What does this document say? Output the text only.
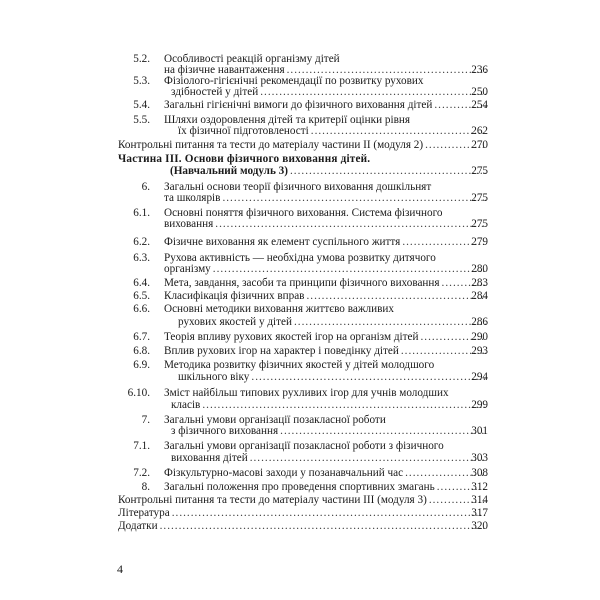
5.2. Особливості реакцій організму дітей
на фізичне навантаження .....	236
5.3. Фізіолого-гігієнічні рекомендації по розвитку рухових
здібностей у дітей .....	250
5.4. Загальні гігієнічні вимоги до фізичного виховання дітей .....	254
5.5. Шляхи оздоровлення дітей та критерії оцінки рівня
їх фізичної підготовленості .....	262
Контрольні питання та тести до матеріалу частини II (модуля 2) .....	270
Частина III. Основи фізичного виховання дітей.
(Навчальний модуль 3) .....	275
6. Загальні основи теорії фізичного виховання дошкільнят
та школярів .....	275
6.1. Основні поняття фізичного виховання. Система фізичного
виховання .....	275
6.2. Фізичне виховання як елемент суспільного життя .....	279
6.3. Рухова активність — необхідна умова розвитку дитячого
організму .....	280
6.4. Мета, завдання, засоби та принципи фізичного виховання .....	283
6.5. Класифікація фізичних вправ .....	284
6.6. Основні методики виховання життєво важливих
рухових якостей у дітей .....	286
6.7. Теорія впливу рухових якостей ігор на організм дітей .....	290
6.8. Вплив рухових ігор на характер і поведінку дітей .....	293
6.9. Методика розвитку фізичних якостей у дітей молодшого
шкільного віку .....	294
6.10. Зміст найбільш типових рухливих ігор для учнів молодших
класів .....	299
7. Загальні умови організації позакласної роботи
з фізичного виховання .....	301
7.1. Загальні умови організації позакласної роботи з фізичного
виховання дітей .....	303
7.2. Фізкультурно-масові заходи у позанавчальний час .....	308
8. Загальні положення про проведення спортивних змагань .....	312
Контрольні питання та тести до матеріалу частини III (модуля 3) .....	314
Література .....	317
Додатки .....	320
4
